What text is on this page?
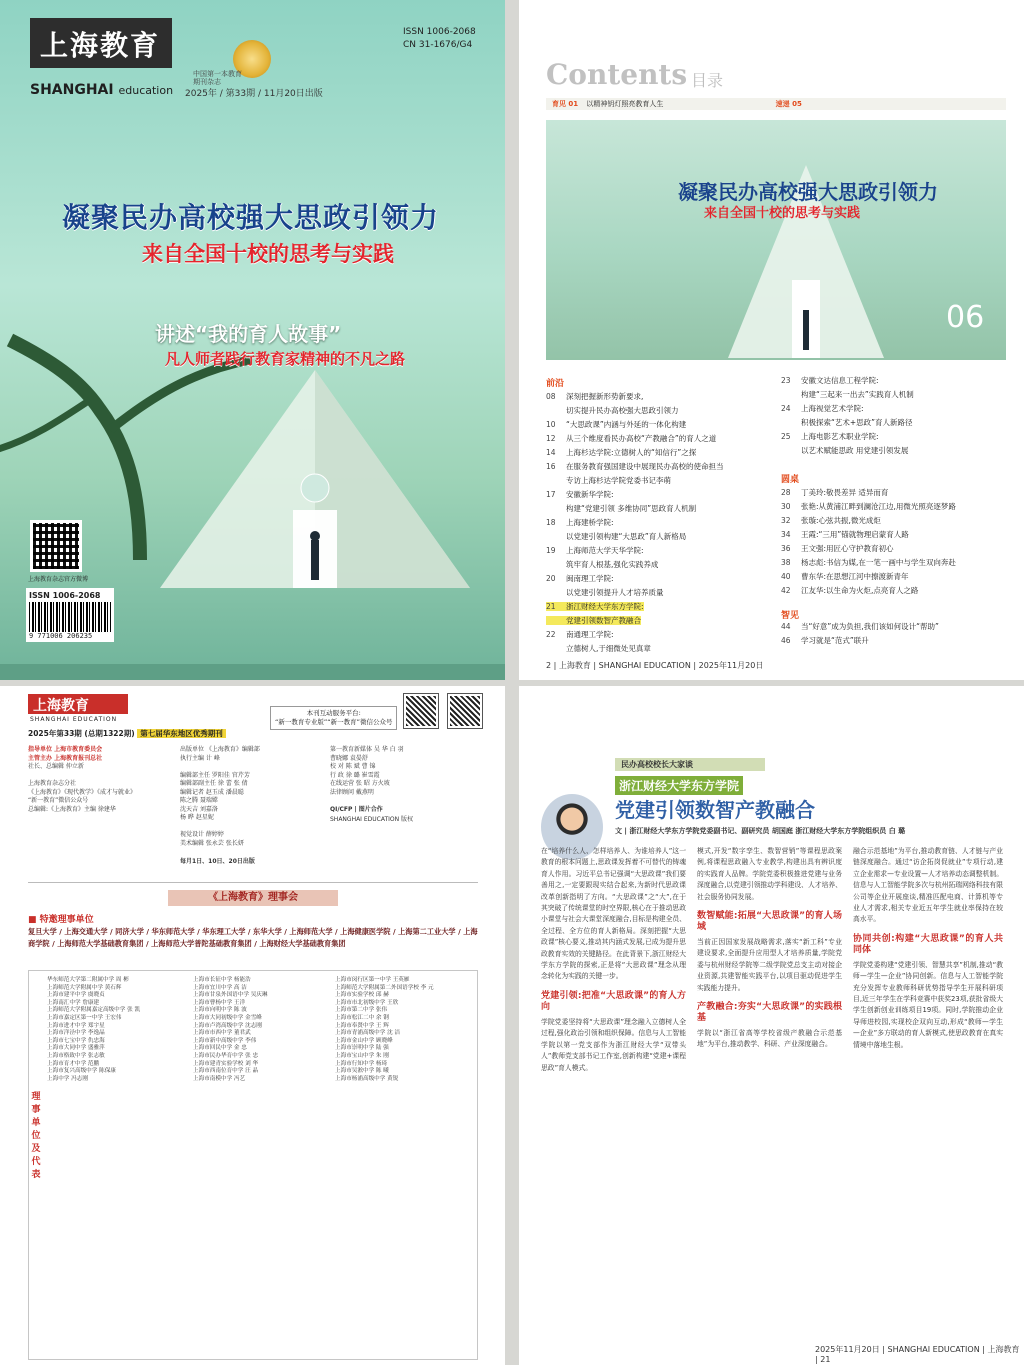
上海教育
SHANGHAI education 2025年 / 第33期 / 11月20日出版
中国第一本教育期刊杂志
ISSN 1006-2068
CN 31-1676/G4
凝聚民办高校强大思政引领力
来自全国十校的思考与实践
讲述“我的育人故事”
凡人师者践行教育家精神的不凡之路
上海教育杂志官方微博
ISSN 1006-2068
9 771006 206235
Contents 目录
育见 01 以精神钥灯照亮教育人生	速递 05
凝聚民办高校强大思政引领力
来自全国十校的思考与实践
06
前沿
08 深刻把握新形势新要求,
切实提升民办高校强大思政引领力
10 “大思政课”内涵与外延的一体化构建
12 从三个维度看民办高校“产教融合”的育人之道
14 上海杉达学院:立德树人的“知信行”之探
16 在服务教育强国建设中展现民办高校的使命担当
专访上海杉达学院党委书记李萌
17 安徽新华学院:
构建“党建引领 多维协同”思政育人机制
18 上海建桥学院:
以党建引领构建“大思政”育人新格局
19 上海师范大学天华学院:
筑牢育人根基,强化实践养成
20 闽南理工学院:
以党建引领提升人才培养质量
21 浙江财经大学东方学院:
党建引领数智产教融合
22 南通理工学院:
立德树人,于细微处见真章
23 安徽文达信息工程学院:
构建“三起来一出去”实践育人机制
24 上海视觉艺术学院:
积极探索“艺术+思政”育人新路径
25 上海电影艺术职业学院:
以艺术赋能思政 用党建引领发展
圆桌
28 丁美玲:敬畏差异 适异而育
30 张艳:从黄浦江畔到澜沧江边,用微光照亮逐梦路
32 张璇:心弦共振,微光成炬
34 王霞:“三用”锚就物理启蒙育人路
36 王文强:用匠心守护教育初心
38 杨志彪:书信为媒,在一笔一画中与学生双向奔赴
40 曹东华:在思想江河中擦渡新青年
42 江友华:以生命为火炬,点亮育人之路
智见
44 当“好意”成为负担,我们该如何设计“帮助”
46 学习就是“范式”联升
2 | 上海教育 | SHANGHAI EDUCATION | 2025年11月20日
上海教育
SHANGHAI EDUCATION
2025年第33期 (总期1322期) 第七届华东地区优秀期刊
本刊互动服务平台:
“新一教育专业版”“新一教育”微信公众号
指导单位 上海市教育委员会
主管主办 上海教育报刊总社
社长、总编辑 仲立新

上海教育杂志分社
《上海教育》《现代教学》《成才与就业》
“新一教育”微信公众号
总编辑:《上海教育》主编 徐建华
出版单位 《上海教育》编辑部
执行主编 计 峰

编辑部主任 罗阳佳 官芹芳
编辑部副主任 徐 蕾 张 倩
编辑记者 赵玉成 潘晨聪
陈之腾 聂瑞嫦
沈天吉 刘嘉洛
杨 晔 赵星妮

视觉设计 薛婷婷
美术编辑 张永芸 张长妍
第一教育新媒体 吴 华 白 羽
曹晓娜 袁晏舒
校 对 陈 斌 曹 锦
行 政 徐 璐 崔雪霞
在线运营 张 昭 方火坡
法律顾问 戴燕明
每月1日、10日、20日出版
QI/CFP | 图片合作
SHANGHAI EDUCATION 版权
《上海教育》理事会
■ 特邀理事单位
复旦大学 / 上海交通大学 / 同济大学 / 华东师范大学 / 华东理工大学 / 东华大学 / 上海师范大学 / 上海健康医学院 / 上海第二工业大学 / 上海商学院 / 上海师范大学基础教育集团 / 上海师范大学普陀基础教育集团 / 上海财经大学基础教育集团
理事单位及代表
华东师范大学第二附属中学 周 彬
上海师范大学附属中学 黄石辉
上海市建平中学 虞晓贞
上海南汇中学 詹康建
上海师范大学附属嘉定高级中学 张 凯
上海市嘉定区第一中学 王宏伟
上海市进才中学 郑宇星
上海市洋泾中学 李逸晶
上海市七宝中学 仇忠海
上海市大同中学 盛雅萍
上海市格致中学 张志敏
上海市育才中学 范鹏
上海市复兴高级中学 陈保康
上海中学 冯志刚
上海市长征中学 杨能浩
上海市宜川中学 高 洁
上海市甘泉外国语中学 吴庆琳
上海市曹杨中学 王洋
上海市向明中学 陈 波
上海市大同初级中学 金雪峰
上海市卢湾高级中学 沈志刚
上海市市西中学 董君武
上海市新中高级中学 李伟
上海市回民中学 金 忠
上海市民办华育中学 张 忠
上海市建青实验学校 刘 华
上海市西南位育中学 汪 晶
上海市南模中学 冯艺
上海市闵行区第一中学 王英雁
上海师范大学附属第二外国语学校 李 元
上海市实验学校 邱 赫
上海市市北初级中学 王欣
上海市第二中学 张伟
上海市松江二中 余 钢
上海市奉贤中学 王 辉
上海市青浦高级中学 沈 洁
上海市金山中学 顾晓峰
上海市崇明中学 陆 强
上海市宝山中学 朱 刚
上海市行知中学 杨琦
上海市吴淞中学 陈 曦
上海市杨浦高级中学 黄锐
民办高校校长大家谈
浙江财经大学东方学院
党建引领数智产教融合
文 | 浙江财经大学东方学院党委副书记、副研究员 胡国庭 浙江财经大学东方学院组织员 白 璐

在“培养什么人、怎样培养人、为谁培养人”这一教育的根本问题上,思政课发挥着不可替代的铸魂育人作用。习近平总书记强调“大思政课”我们要善用之,一定要跟现实结合起来,为新时代思政课改革创新指明了方向。“大思政课”之“大”,在于其突破了传统课堂的时空界限,核心在于推动思政小课堂与社会大课堂深度融合,目标是构建全员、全过程、全方位的育人新格局。深刻把握“大思政课”核心要义,推动其内涵式发展,已成为提升思政教育实效的关键路径。在此背景下,浙江财经大学东方学院的探索,正是将“大思政课”理念从理念转化为实践的关键一步。

党建引领:把准“大思政课”的育人方向

学院党委坚持将“大思政课”理念融入立德树人全过程,强化政治引领和组织保障。信息与人工智能学院以第一党支部作为浙江财经大学“双带头人”教师党支部书记工作室,创新构建“党建+课程思政”育人模式。

模式,开发“数字孪生、数智营销”等课程思政案例,将课程思政融入专业教学,构建出具有辨识度的实践育人品牌。学院党委积极推进党建与业务深度融合,以党建引领推动学科建设、人才培养、社会服务协同发展。

数智赋能:拓展“大思政课”的育人场域

当前正因国家发展战略需求,落实“新工科”专业建设要求,全面提升应用型人才培养质量,学院党委与杭州财经学院等二级学院党总支主动对接企业资源,共建智能实践平台,以项目驱动促进学生实践能力提升。

产教融合:夯实“大思政课”的实践根基

学院以“浙江省高等学校省级产教融合示范基地”为平台,推动教学、科研、产业深度融合。

融合示范基地”为平台,推动教育链、人才链与产业链深度融合。通过“访企拓岗促就业”专项行动,建立企业需求—专业设置—人才培养动态调整机制。信息与人工智能学院多次与杭州拓瑞网络科技有限公司等企业开展座谈,精准匹配电商、计算机等专业人才需求,相关专业近五年学生就业率保持在较高水平。

协同共创:构建“大思政课”的育人共同体

学院党委构建“党建引领、智慧共享”机制,推动“教师—学生—企业”协同创新。信息与人工智能学院充分发挥专业教师科研优势指导学生开展科研项目,近三年学生在学科竞赛中获奖23项,获批省级大学生创新创业训练项目19项。同时,学院推动企业导师进校园,实现校企双向互动,形成“教师—学生—企业”多方联动的育人新模式,使思政教育在真实情境中落地生根。

2025年11月20日 | SHANGHAI EDUCATION | 上海教育 | 21
